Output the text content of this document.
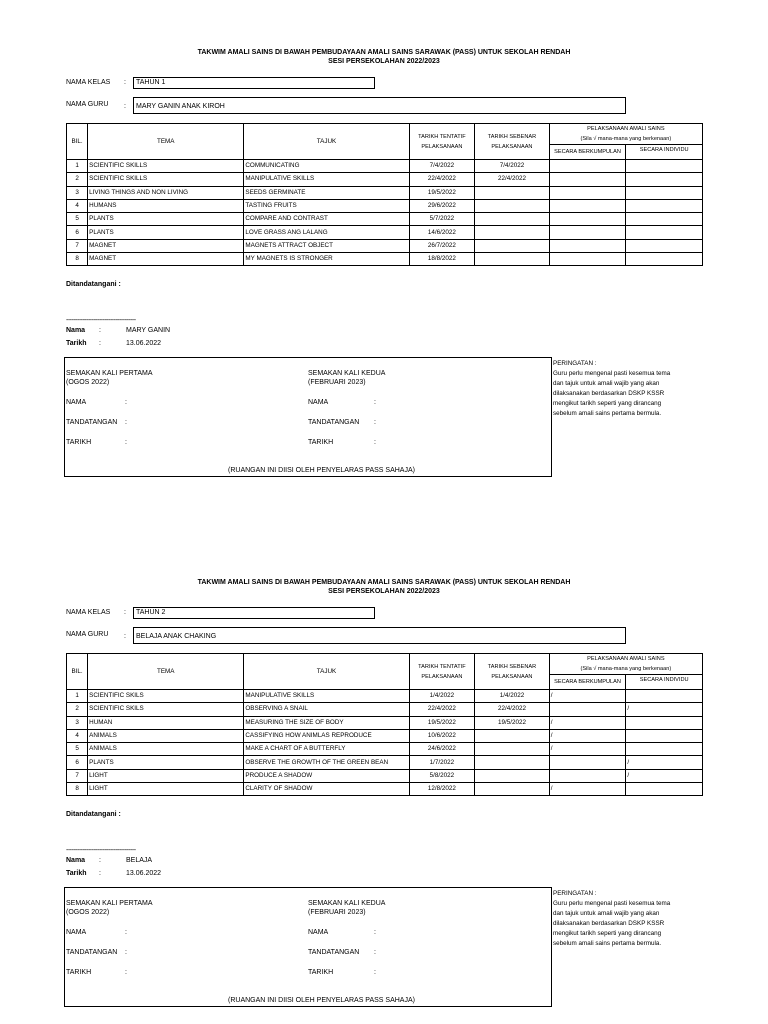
TAKWIM AMALI SAINS DI BAWAH PEMBUDAYAAN AMALI SAINS SARAWAK (PASS) UNTUK SEKOLAH RENDAH
SESI PERSEKOLAHAN 2022/2023
NAMA KELAS :	TAHUN 1
NAMA GURU :	MARY GANIN ANAK KIROH
BIL.	TEMA	TAJUK	TARIKH TENTATIF PELAKSANAAN	TARIKH SEBENAR PELAKSANAAN	PELAKSANAAN AMALI SAINS
(Sila √ mana-mana yang berkenaan)	

					SECARA BERKUMPULAN	SECARA INDIVIDU
1	SCIENTIFIC SKILLS	COMMUNICATING	7/4/2022	7/4/2022		
2	SCIENTIFIC SKILLS	MANIPULATIVE SKILLS	22/4/2022	22/4/2022		
3	LIVING THINGS AND NON LIVING	SEEDS GERMINATE	19/5/2022			
4	HUMANS	TASTING FRUITS	29/6/2022			
5	PLANTS	COMPARE AND CONTRAST	5/7/2022			
6	PLANTS	LOVE GRASS ANG LALANG	14/6/2022			
7	MAGNET	MAGNETS ATTRACT OBJECT	26/7/2022			
8	MAGNET	MY MAGNETS IS STRONGER	18/8/2022			
Ditandatangani :
--------------------------------------
Nama :	MARY GANIN
Tarikh :	13.06.2022
SEMAKAN KALI PERTAMA
(OGOS 2022)
NAMA	:
TANDATANGAN :
TARIKH	:
SEMAKAN KALI KEDUA
(FEBRUARI 2023)
NAMA	:
TANDATANGAN :
TARIKH	:
(RUANGAN INI DIISI OLEH PENYELARAS PASS SAHAJA)
PERINGATAN :
Guru perlu mengenal pasti kesemua tema
dan tajuk untuk amali wajib yang akan
dilaksanakan berdasarkan DSKP KSSR
mengikut tarikh seperti yang dirancang
sebelum amali sains pertama bermula.
TAKWIM AMALI SAINS DI BAWAH PEMBUDAYAAN AMALI SAINS SARAWAK (PASS) UNTUK SEKOLAH RENDAH
SESI PERSEKOLAHAN 2022/2023
NAMA KELAS :	TAHUN 2
NAMA GURU :	BELAJA ANAK CHAKING
BIL.	TEMA	TAJUK	TARIKH TENTATIF PELAKSANAAN	TARIKH SEBENAR PELAKSANAAN	PELAKSANAAN AMALI SAINS
(Sila √ mana-mana yang berkenaan)	

					SECARA BERKUMPULAN	SECARA INDIVIDU
1	SCIENTIFIC SKILS	MANIPULATIVE SKILLS	1/4/2022	1/4/2022	/	
2	SCIENTIFIC SKILS	OBSERVING A SNAIL	22/4/2022	22/4/2022		/
3	HUMAN	MEASURING THE SIZE OF BODY	19/5/2022	19/5/2022	/	
4	ANIMALS	CASSIFYING HOW ANIMLAS REPRODUCE	10/6/2022		/	
5	ANIMALS	MAKE A CHART OF A BUTTERFLY	24/6/2022		/	
6	PLANTS	OBSERVE THE GROWTH OF THE GREEN BEAN	1/7/2022			/
7	LIGHT	PRODUCE A SHADOW	5/8/2022			/
8	LIGHT	CLARITY OF SHADOW	12/8/2022		/	
Ditandatangani :
--------------------------------------
Nama :	BELAJA
Tarikh :	13.06.2022
SEMAKAN KALI PERTAMA
(OGOS 2022)
NAMA	:
TANDATANGAN :
TARIKH	:
SEMAKAN KALI KEDUA
(FEBRUARI 2023)
NAMA	:
TANDATANGAN :
TARIKH	:
(RUANGAN INI DIISI OLEH PENYELARAS PASS SAHAJA)
PERINGATAN :
Guru perlu mengenal pasti kesemua tema
dan tajuk untuk amali wajib yang akan
dilaksanakan berdasarkan DSKP KSSR
mengikut tarikh seperti yang dirancang
sebelum amali sains pertama bermula.
